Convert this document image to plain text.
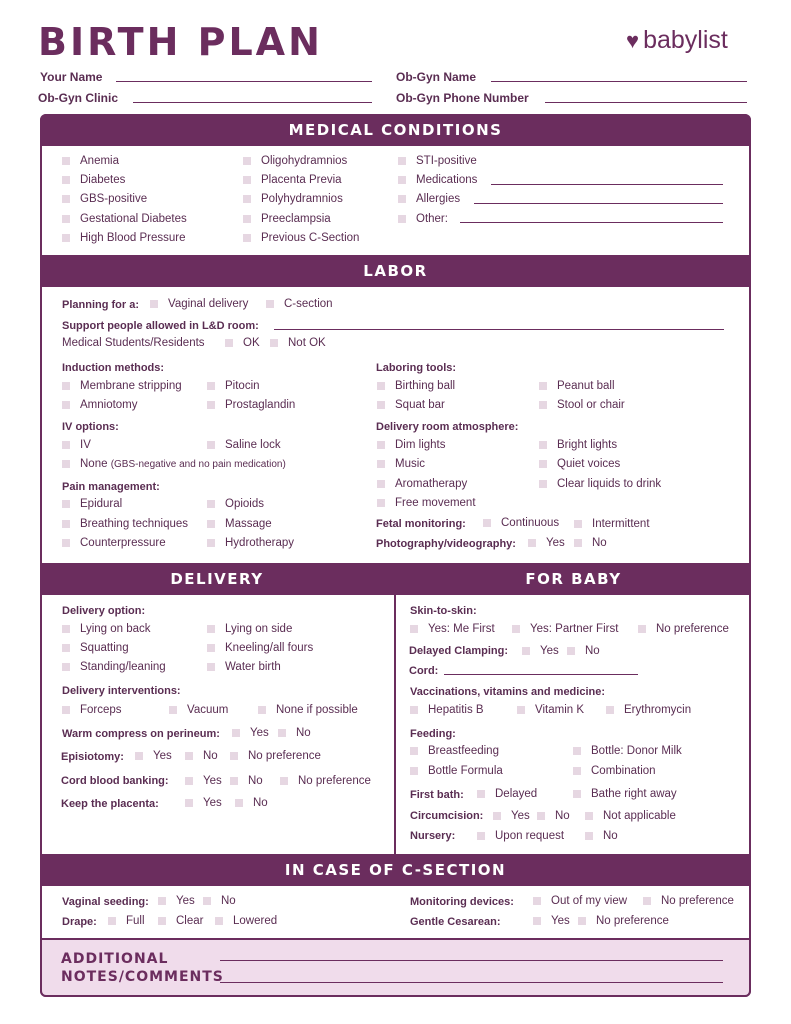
BIRTH PLAN	♥ babylist
Your Name	Ob-Gyn Name
Ob-Gyn Clinic	Ob-Gyn Phone Number
MEDICAL CONDITIONS
Anemia
Diabetes
GBS-positive
Gestational Diabetes
High Blood Pressure
Oligohydramnios
Placenta Previa
Polyhydramnios
Preeclampsia
Previous C-Section
STI-positive
Medications
Allergies
Other:
LABOR
Planning for a:	Vaginal delivery	C-section
Support people allowed in L&D room:
Medical Students/Residents	OK Not OK
Induction methods:
Membrane stripping	Pitocin
Amniotomy	Prostaglandin
IV options:
IV	Saline lock
None
(GBS-negative and no pain medication)
Pain management:
Epidural	Opioids
Breathing techniques	Massage
Counterpressure	Hydrotherapy
Laboring tools:
Birthing ball	Peanut ball
Squat bar	Stool or chair
Delivery room atmosphere:
Dim lights	Bright lights
Music	Quiet voices
Aromatherapy	Clear liquids to drink
Free movement
Fetal monitoring:	Continuous	Intermittent
Photography/videography:	Yes No
DELIVERY	FOR BABY
Delivery option:
Lying on back	Lying on side
Squatting	Kneeling/all fours
Standing/leaning	Water birth
Delivery interventions:
Forceps	Vacuum	None if possible
Warm compress on perineum:	Yes No
Episiotomy:	Yes	No	No preference
Cord blood banking:	Yes No	No preference
Keep the placenta:	Yes	No
Skin-to-skin:
Yes: Me First	Yes: Partner First	No preference
Delayed Clamping:	Yes No
Cord:
Vaccinations, vitamins and medicine:
Hepatitis B	Vitamin K	Erythromycin
Feeding:
Breastfeeding	Bottle: Donor Milk
Bottle Formula	Combination
First bath:	Delayed	Bathe right away
Circumcision: Yes No	Not applicable
Nursery:	Upon request	No
IN CASE OF C-SECTION
Vaginal seeding: Yes No
Drape:	Full	Clear	Lowered
Monitoring devices:	Out of my view	No preference
Gentle Cesarean:	Yes No preference
ADDITIONAL
NOTES/COMMENTS
